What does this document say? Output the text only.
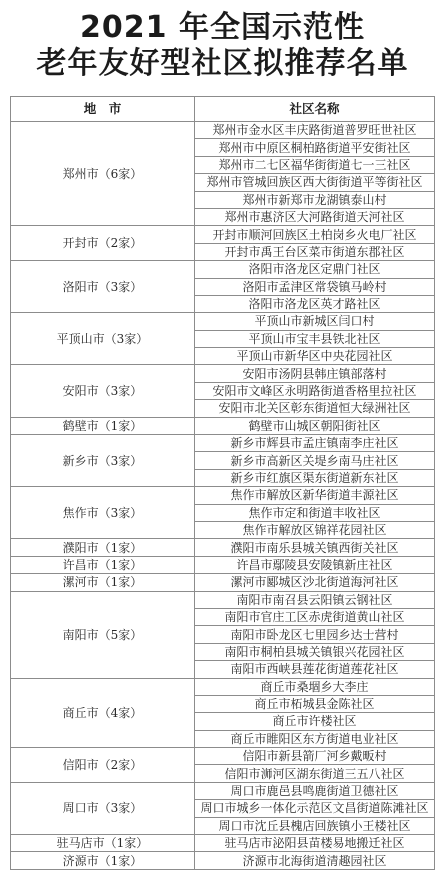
2021 年全国示范性
老年友好型社区拟推荐名单
地　市	社区名称
郑州市（6家）
郑州市金水区丰庆路街道普罗旺世社区
郑州市中原区桐柏路街道平安街社区
郑州市二七区福华街街道七一三社区
郑州市管城回族区西大街街道平等街社区
郑州市新郑市龙湖镇泰山村
郑州市惠济区大河路街道天河社区
开封市（2家）
开封市顺河回族区土柏岗乡火电厂社区
开封市禹王台区菜市街道东郡社区
洛阳市（3家）
洛阳市洛龙区定鼎门社区
洛阳市孟津区常袋镇马岭村
洛阳市洛龙区英才路社区
平顶山市（3家）
平顶山市新城区闫口村
平顶山市宝丰县铁北社区
平顶山市新华区中央花园社区
安阳市（3家）
安阳市汤阴县韩庄镇部落村
安阳市文峰区永明路街道香格里拉社区
安阳市北关区彰东街道恒大绿洲社区
鹤壁市（1家）	鹤壁市山城区朝阳街社区
新乡市（3家）
新乡市辉县市孟庄镇南李庄社区
新乡市高新区关堤乡南马庄社区
新乡市红旗区渠东街道新东社区
焦作市（3家）
焦作市解放区新华街道丰源社区
焦作市定和街道丰收社区
焦作市解放区锦祥花园社区
濮阳市（1家）	濮阳市南乐县城关镇西街关社区
许昌市（1家）	许昌市鄢陵县安陵镇新庄社区
漯河市（1家）	漯河市郾城区沙北街道海河社区
南阳市（5家）
南阳市南召县云阳镇云钢社区
南阳市官庄工区赤虎街道黄山社区
南阳市卧龙区七里园乡达士营村
南阳市桐柏县城关镇银兴花园社区
南阳市西峡县莲花街道莲花社区
商丘市（4家）
商丘市桑堌乡大李庄
商丘市柘城县金陈社区
商丘市许楼社区
商丘市睢阳区东方街道电业社区
信阳市（2家）
信阳市新县箭厂河乡戴畈村
信阳市浉河区湖东街道三五八社区
周口市（3家）
周口市鹿邑县鸣鹿街道卫德社区
周口市城乡一体化示范区文昌街道陈滩社区
周口市沈丘县槐店回族镇小王楼社区
驻马店市（1家）	驻马店市泌阳县苗楼易地搬迁社区
济源市（1家）	济源市北海街道清趣园社区
